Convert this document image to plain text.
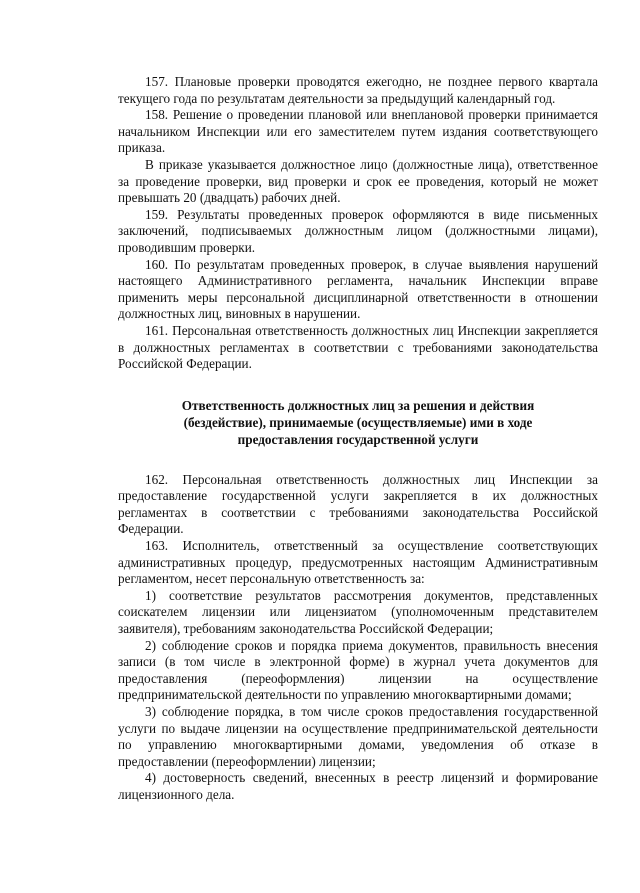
157. Плановые проверки проводятся ежегодно, не позднее первого квартала текущего года по результатам деятельности за предыдущий календарный год.

158. Решение о проведении плановой или внеплановой проверки принимается начальником Инспекции или его заместителем путем издания соответствующего приказа.

В приказе указывается должностное лицо (должностные лица), ответственное за проведение проверки, вид проверки и срок ее проведения, который не может превышать 20 (двадцать) рабочих дней.

159. Результаты проведенных проверок оформляются в виде письменных заключений, подписываемых должностным лицом (должностными лицами), проводившим проверки.

160. По результатам проведенных проверок, в случае выявления нарушений настоящего Административного регламента, начальник Инспекции вправе применить меры персональной дисциплинарной ответственности в отношении должностных лиц, виновных в нарушении.

161. Персональная ответственность должностных лиц Инспекции закрепляется в должностных регламентах в соответствии с требованиями законодательства Российской Федерации.

Ответственность должностных лиц за решения и действия
(бездействие), принимаемые (осуществляемые) ими в ходе
предоставления государственной услуги

162. Персональная ответственность должностных лиц Инспекции за предоставление государственной услуги закрепляется в их должностных регламентах в соответствии с требованиями законодательства Российской Федерации.

163. Исполнитель, ответственный за осуществление соответствующих административных процедур, предусмотренных настоящим Административным регламентом, несет персональную ответственность за:

1) соответствие результатов рассмотрения документов, представленных соискателем лицензии или лицензиатом (уполномоченным представителем заявителя), требованиям законодательства Российской Федерации;

2) соблюдение сроков и порядка приема документов, правильность внесения записи (в том числе в электронной форме) в журнал учета документов для предоставления (переоформления) лицензии на осуществление предпринимательской деятельности по управлению многоквартирными домами;

3) соблюдение порядка, в том числе сроков предоставления государственной услуги по выдаче лицензии на осуществление предпринимательской деятельности по управлению многоквартирными домами, уведомления об отказе в предоставлении (переоформлении) лицензии;

4) достоверность сведений, внесенных в реестр лицензий и формирование лицензионного дела.
